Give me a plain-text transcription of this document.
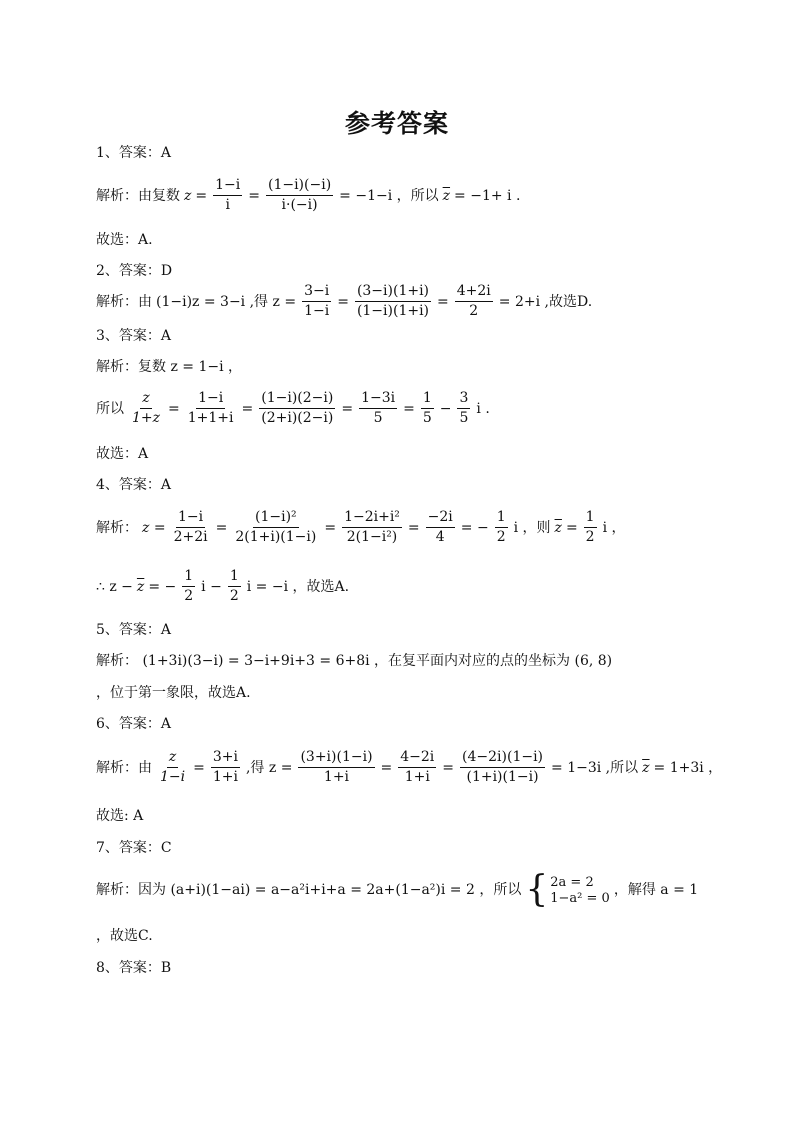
参考答案
1、答案：A
解析：由复数 $z = \frac{1-i}{i} = \frac{(1-i)(-i)}{i\cdot(-i)} = -1-i$ ，所以 $\overline{z} = -1+ i$ .
故选：A.
2、答案：D
解析：由 (1−i)z = 3−i ,得 $z = \frac{3-i}{1-i} = \frac{(3-i)(1+i)}{(1-i)(1+i)} = \frac{4+2i}{2} = 2+i$ ,故选D.
3、答案：A
解析：复数 z = 1−i ，
所以 $\frac{z}{1+z} = \frac{1-i}{1+1+i} = \frac{(1-i)(2-i)}{(2+i)(2-i)} = \frac{1-3i}{5} = \frac{1}{5} - \frac{3}{5}$ i .
故选：A
4、答案：A
解析： $z = \frac{1-i}{2+2i} = \frac{\text{(1−i)²}}{2(1+i)(1-i)} = \frac{\text{1−2i+i²}}{\text{2(1−i²)}} = \frac{-2i}{4}$ = − $\frac{1}{2}$ i ，则 $\overline{z} = \frac{1}{2}$ i ，
∴ $z - \overline{z}$ = − $\frac{1}{2}$ $i - \frac{1}{2}$ i = −i ，故选A.
5、答案：A
解析： (1+3i)(3−i) = 3−i+9i+3 = 6+8i ，在复平面内对应的点的坐标为 (6, 8)
，位于第一象限，故选A.
6、答案：A
解析：由 $\frac{z}{1-i} = \frac{3+i}{1+i}$ ,得 $z = \frac{(3+i)(1-i)}{1+i} = \frac{4-2i}{1+i} = \frac{(4-2i)(1-i)}{(1+i)(1-i)} = 1-3i$ ,所以 $\overline{z} = 1+3i$ ，
故选: A
7、答案：C
解析：因为 (a+i)(1−ai) = a−a²i+i+a = 2a+(1−a²)i = 2 ，所以 { 2a = 2
1−a² = 0 ，解得 a = 1
，故选C.
8、答案：B
